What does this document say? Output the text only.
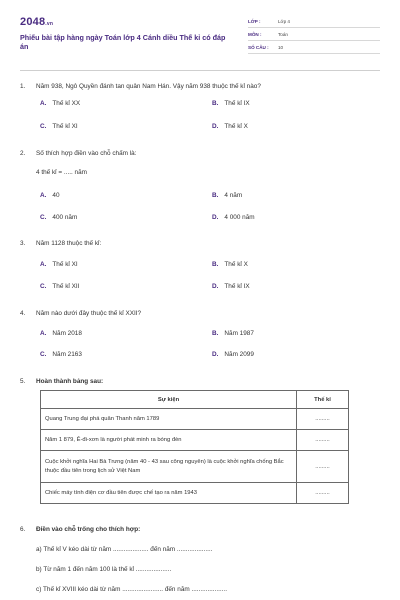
2048.vn
Phiếu bài tập hàng ngày Toán lớp 4 Cánh diều Thế kỉ có đáp án
LỚP :	Lớp 4
MÔN :	Toán
SỐ CÂU :	10
1. Năm 938, Ngô Quyền đánh tan quân Nam Hán. Vậy năm 938 thuộc thế kỉ nào?
A. Thế kỉ XX	B. Thế kỉ IX
C. Thế kỉ XI	D. Thế kỉ X
2. Số thích hợp điền vào chỗ chấm là:
4 thế kỉ = ..... năm
A. 40	B. 4 năm
C. 400 năm	D. 4 000 năm
3. Năm 1128 thuộc thế kỉ:
A. Thế kỉ XI	B. Thế kỉ X
C. Thế kỉ XII	D. Thế kỉ IX
4. Năm nào dưới đây thuộc thế kỉ XXII?
A. Năm 2018	B. Năm 1987
C. Năm 2163	D. Năm 2099
5. Hoàn thành bảng sau:
Sự kiện	Thế kỉ
Quang Trung đại phá quân Thanh năm 1789	.........
Năm 1 879, Ê-đi-xơn là người phát minh ra bóng đèn	.........
Cuộc khởi nghĩa Hai Bà Trưng (năm 40 - 43 sau công nguyên) là cuộc khởi nghĩa chống Bắc thuộc đầu tiên trong lịch sử Việt Nam	.........
Chiếc máy tính điện cơ đầu tiên được chế tạo ra năm 1943	.........
6. Điền vào chỗ trống cho thích hợp:
a) Thế kỉ V kéo dài từ năm .................... đến năm ....................
b) Từ năm 1 đến năm 100 là thế kỉ ....................
c) Thế kỉ XVIII kéo dài từ năm ....................... đến năm ....................
